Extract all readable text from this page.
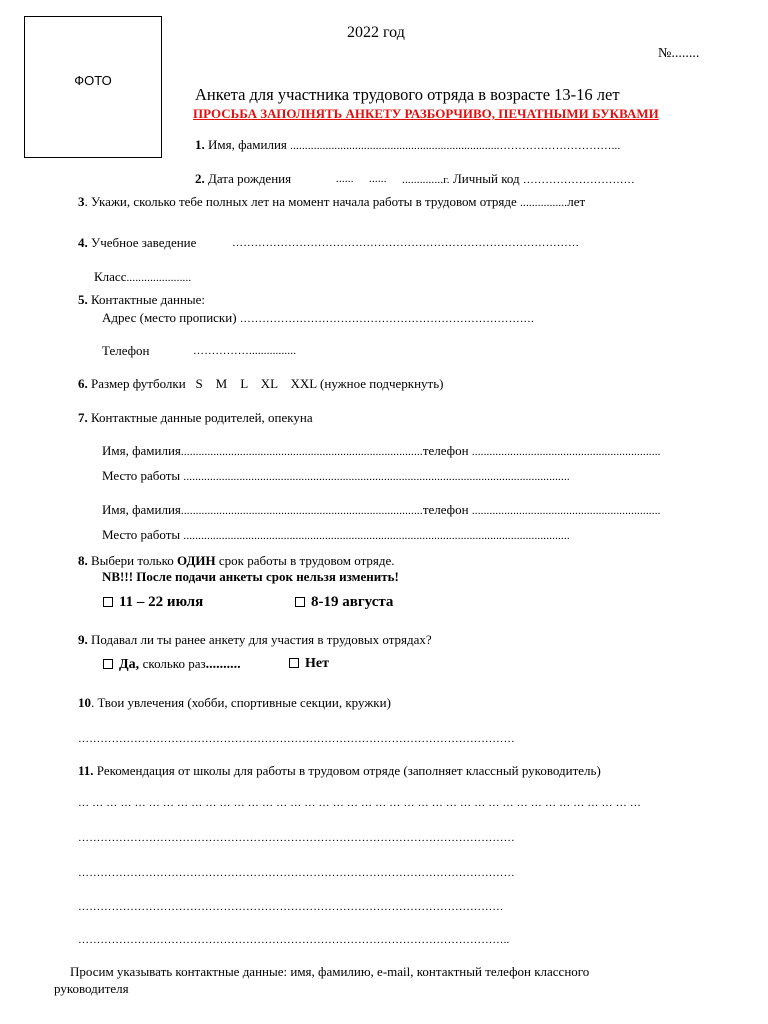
ФОТО
2022 год
№........
Анкета для участника трудового отряда в возрасте 13-16 лет
ПРОСЬБА ЗАПОЛНЯТЬ АНКЕТУ РАЗБОРЧИВО, ПЕЧАТНЫМИ БУКВАМИ
1. Имя, фамилия .......................................................................…………………………...
2. Дата рождения	...... ...... ..............г. Личный код …………………………
3. Укажи, сколько тебе полных лет на момент начала работы в трудовом отряде ................лет
4. Учебное заведение	…………………………………………………………………………………
Класс......................
5. Контактные данные:
Адрес (место прописки) …………………………………………………………………….
Телефон	……………................
6. Размер футболки S    M    L    XL    XXL (нужное подчеркнуть)
7. Контактные данные родителей, опекуна
Имя, фамилия..................................................................................телефон ................................................................
Место работы ...................................................................................................................................
Имя, фамилия..................................................................................телефон ................................................................
Место работы ...................................................................................................................................
8. Выбери только ОДИН срок работы в трудовом отряде.
NB!!! После подачи анкеты срок нельзя изменить!
11 – 22 июля	8-19 августа
9. Подавал ли ты ранее анкету для участия в трудовых отрядах?
Да, сколько раз..........	Нет
10. Твои увлечения (хобби, спортивные секции, кружки)
………………………………………………………………………………………………………
11. Рекомендация от школы для работы в трудовом отряде (заполняет классный руководитель)
… … … … … … … … … … … … … … … … … … … … … … … … … … … … … … … … … … … … … … … …
………………………………………………………………………………………………………
………………………………………………………………………………………………………
……………………………………………………………………………………………………
……………………………………………………………………………………………………..
Просим указывать контактные данные: имя, фамилию, e-mail, контактный телефон классного
руководителя
